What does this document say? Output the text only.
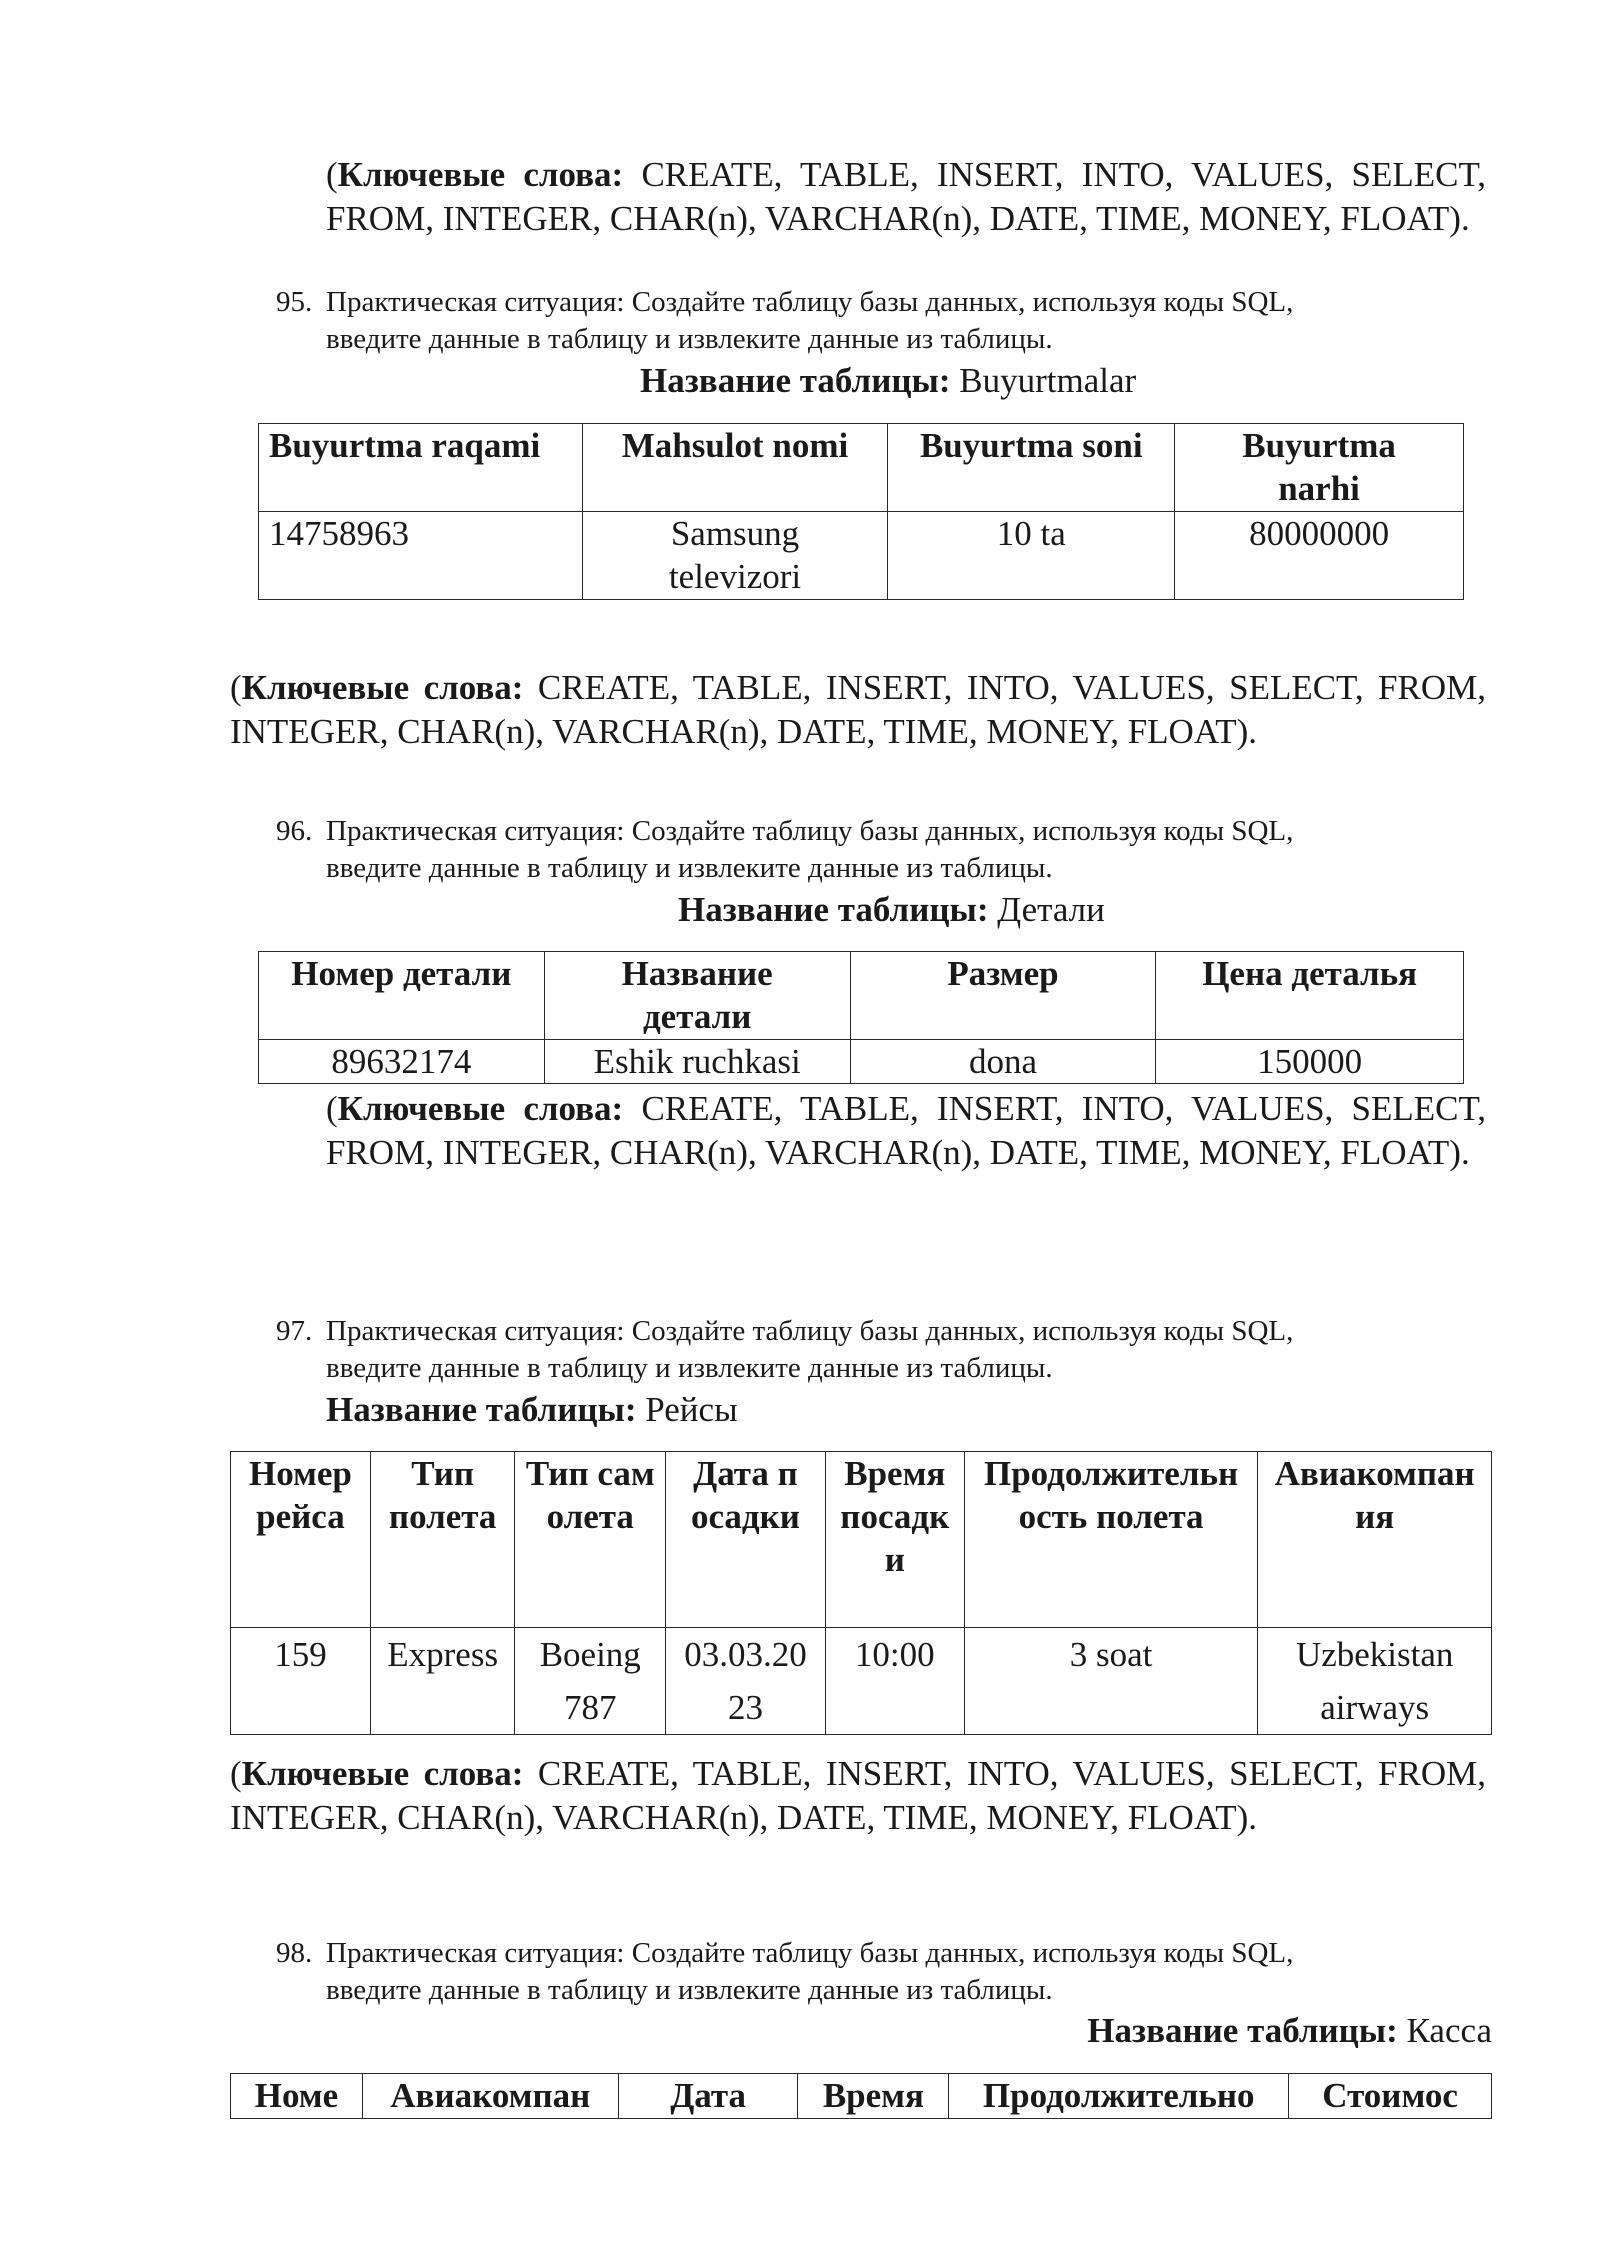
(Ключевые слова: CREATE, TABLE, INSERT, INTO, VALUES, SELECT, FROM, INTEGER, CHAR(n), VARCHAR(n), DATE, TIME, MONEY, FLOAT).
95. Практическая ситуация: Создайте таблицу базы данных, используя коды SQL,
введите данные в таблицу и извлеките данные из таблицы.
Название таблицы: Buyurtmalar
Buyurtma raqami	Mahsulot nomi	Buyurtma soni	Buyurtma narhi
14758963	Samsung televizori	10 ta	80000000
(Ключевые слова: CREATE, TABLE, INSERT, INTO, VALUES, SELECT, FROM, INTEGER, CHAR(n), VARCHAR(n), DATE, TIME, MONEY, FLOAT).
96. Практическая ситуация: Создайте таблицу базы данных, используя коды SQL,
введите данные в таблицу и извлеките данные из таблицы.
Название таблицы: Детали
Номер детали	Название детали	Размер	Цена деталья
89632174	Eshik ruchkasi	dona	150000
(Ключевые слова: CREATE, TABLE, INSERT, INTO, VALUES, SELECT, FROM, INTEGER, CHAR(n), VARCHAR(n), DATE, TIME, MONEY, FLOAT).
97. Практическая ситуация: Создайте таблицу базы данных, используя коды SQL,
введите данные в таблицу и извлеките данные из таблицы.
Название таблицы: Рейсы
Номер рейса	Тип полета	Тип самолета	Дата посадки	Время посадки	Продолжительность полета	Авиакомпания
159	Express	Boeing 787	03.03.2023	10:00	3 soat	Uzbekistan airways
(Ключевые слова: CREATE, TABLE, INSERT, INTO, VALUES, SELECT, FROM, INTEGER, CHAR(n), VARCHAR(n), DATE, TIME, MONEY, FLOAT).
98. Практическая ситуация: Создайте таблицу базы данных, используя коды SQL,
введите данные в таблицу и извлеките данные из таблицы.
Название таблицы: Касса
Номе	Авиакомпан	Дата	Время	Продолжительно	Стоимос
